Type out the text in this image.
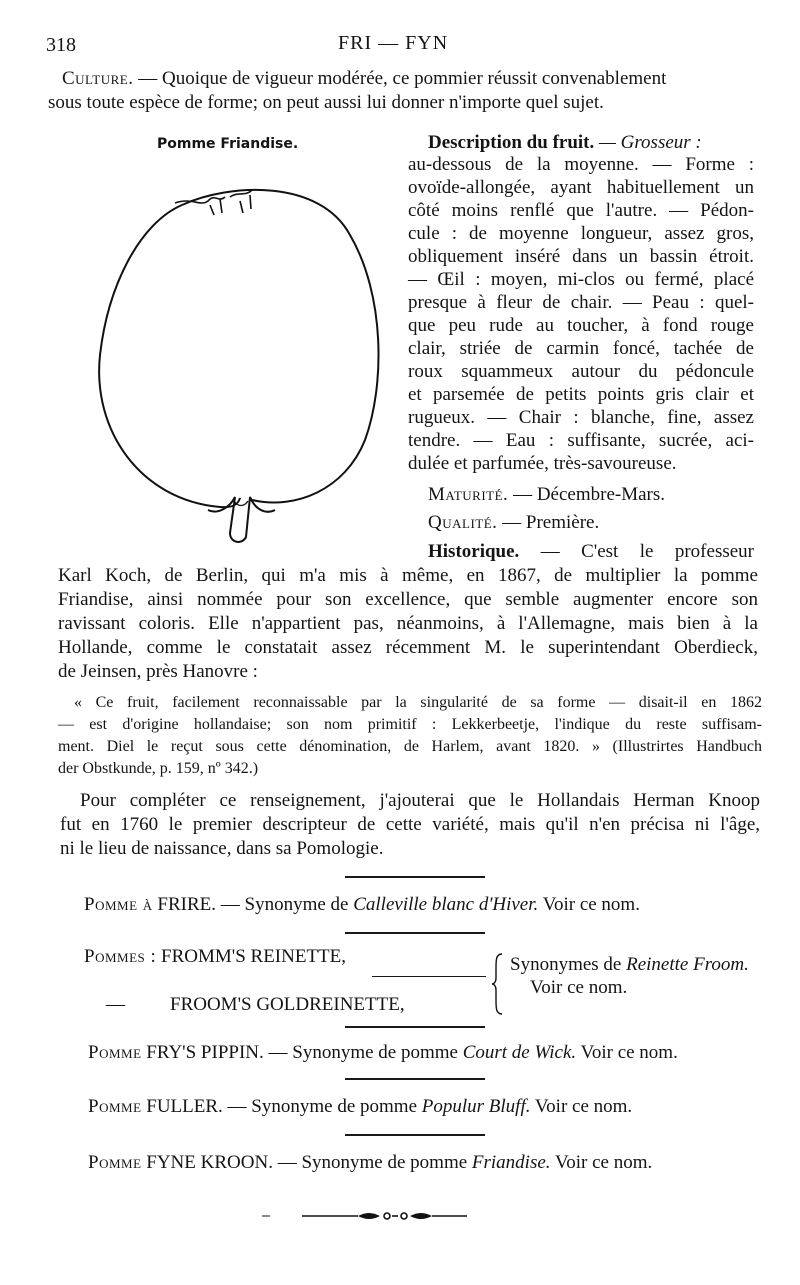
318	FRI — FYN
Culture. — Quoique de vigueur modérée, ce pommier réussit convenablement
sous toute espèce de forme; on peut aussi lui donner n'importe quel sujet.
Pomme Friandise.	Description du fruit. — Grosseur :
au-dessous de la moyenne. — Forme :
ovoïde-allongée, ayant habituellement un
côté moins renflé que l'autre. — Pédon-
cule : de moyenne longueur, assez gros,
obliquement inséré dans un bassin étroit.
— Œil : moyen, mi-clos ou fermé, placé
presque à fleur de chair. — Peau : quel-
que peu rude au toucher, à fond rouge
clair, striée de carmin foncé, tachée de
roux squammeux autour du pédoncule
et parsemée de petits points gris clair et
rugueux. — Chair : blanche, fine, assez
tendre. — Eau : suffisante, sucrée, aci-
dulée et parfumée, très-savoureuse.
Maturité. — Décembre-Mars.
Qualité. — Première.
Historique. — C'est le professeur
Karl Koch, de Berlin, qui m'a mis à même, en 1867, de multiplier la pomme
Friandise, ainsi nommée pour son excellence, que semble augmenter encore son
ravissant coloris. Elle n'appartient pas, néanmoins, à l'Allemagne, mais bien à la
Hollande, comme le constatait assez récemment M. le superintendant Oberdieck,
de Jeinsen, près Hanovre :
« Ce fruit, facilement reconnaissable par la singularité de sa forme — disait-il en 1862
— est d'origine hollandaise; son nom primitif : Lekkerbeetje, l'indique du reste suffisam-
ment. Diel le reçut sous cette dénomination, de Harlem, avant 1820. » (Illustrirtes Handbuch
der Obstkunde, p. 159, nº 342.)
Pour compléter ce renseignement, j'ajouterai que le Hollandais Herman Knoop
fut en 1760 le premier descripteur de cette variété, mais qu'il n'en précisa ni l'âge,
ni le lieu de naissance, dans sa Pomologie.
Pomme à FRIRE. — Synonyme de Calleville blanc d'Hiver. Voir ce nom.
Pommes : FROMM'S REINETTE,
— FROOM'S GOLDREINETTE,
Synonymes de Reinette Froom.
Voir ce nom.
Pomme FRY'S PIPPIN. — Synonyme de pomme Court de Wick. Voir ce nom.
Pomme FULLER. — Synonyme de pomme Populur Bluff. Voir ce nom.
Pomme FYNE KROON. — Synonyme de pomme Friandise. Voir ce nom.
